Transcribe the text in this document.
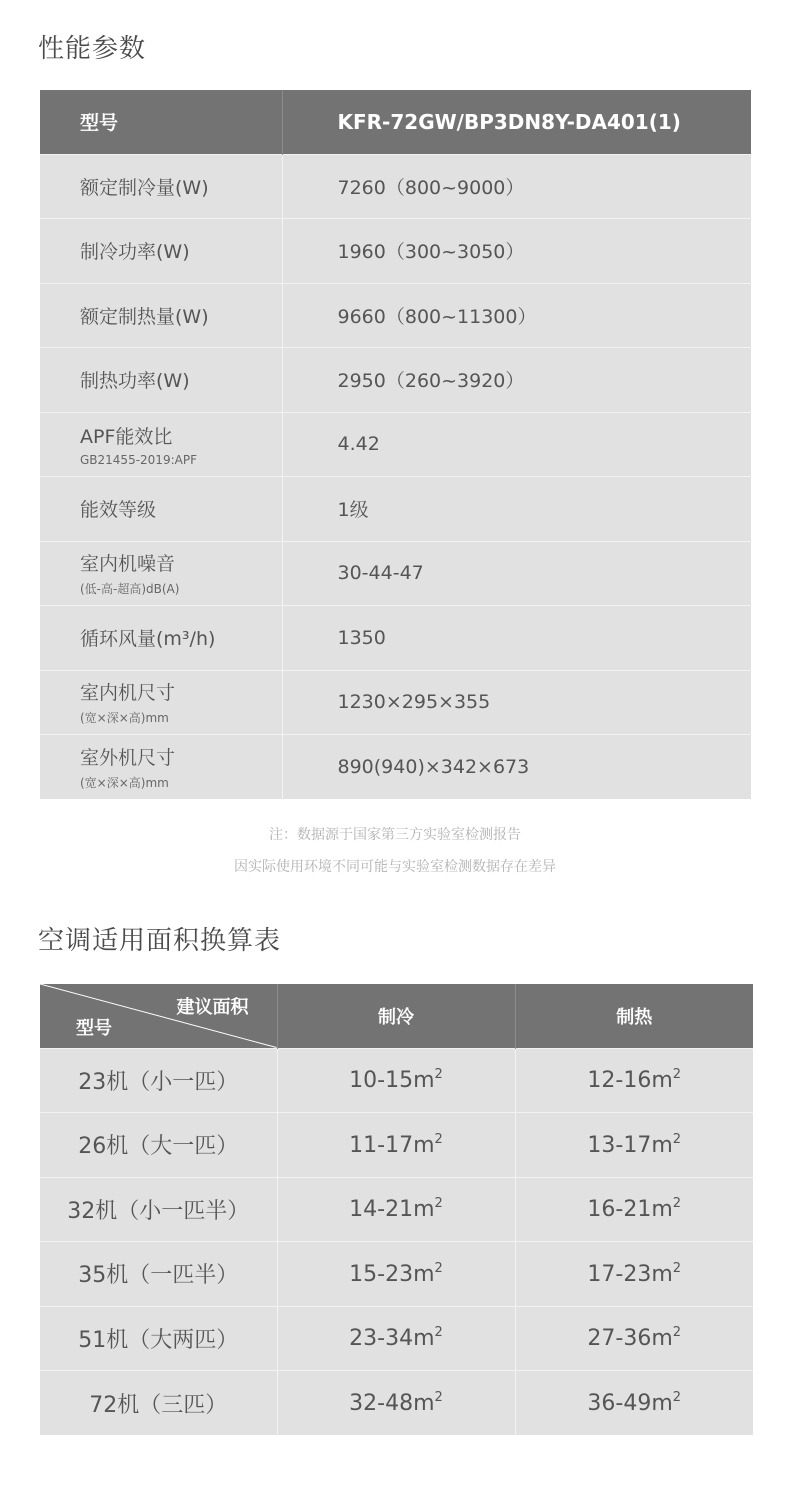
性能参数
型号	KFR-72GW/BP3DN8Y-DA401(1)
额定制冷量(W)	7260（800~9000）
制冷功率(W)	1960（300~3050）
额定制热量(W)	9660（800~11300）
制热功率(W)	2950（260~3920）
APF能效比
GB21455-2019:APF	4.42
能效等级	1级
室内机噪音
(低-高-超高)dB(A)	30-44-47
循环风量(m³/h)	1350
室内机尺寸
(宽×深×高)mm	1230×295×355
室外机尺寸
(宽×深×高)mm	890(940)×342×673
注：数据源于国家第三方实验室检测报告
因实际使用环境不同可能与实验室检测数据存在差异
空调适用面积换算表
建议面积
型号	制冷	制热
23机（小一匹）	$10-15m^2$	$12-16m^2$
26机（大一匹）	$11-17m^2$	$13-17m^2$
32机（小一匹半）	$14-21m^2$	$16-21m^2$
35机（一匹半）	$15-23m^2$	$17-23m^2$
51机（大两匹）	$23-34m^2$	$27-36m^2$
72机（三匹）	$32-48m^2$	$36-49m^2$
